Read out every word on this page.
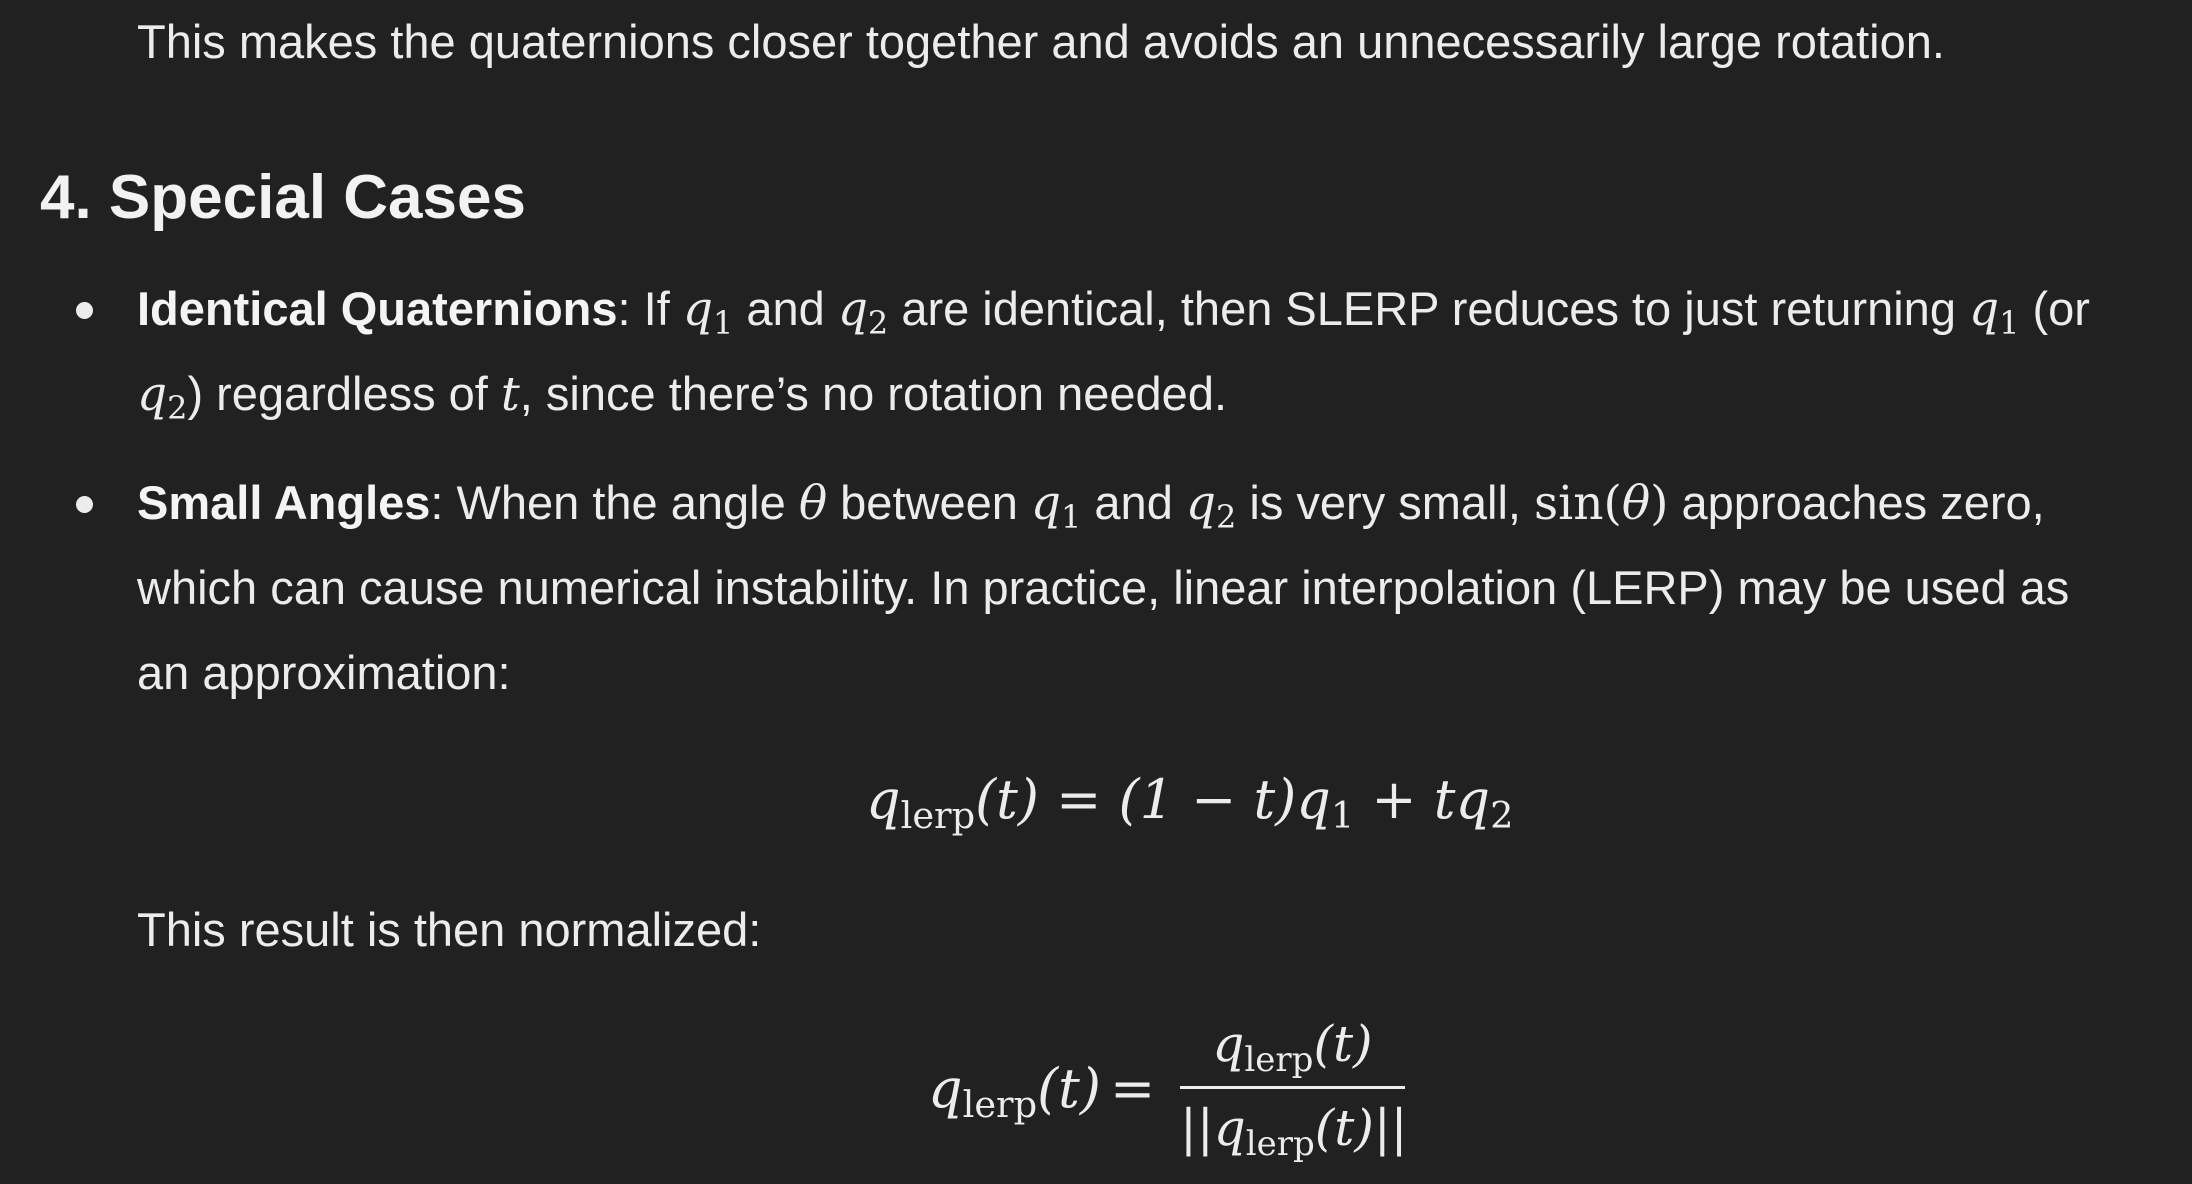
This makes the quaternions closer together and avoids an unnecessarily large rotation.
4. Special Cases
Identical Quaternions: If q1 and q2 are identical, then SLERP reduces to just returning q1 (or
q2) regardless of t, since there’s no rotation needed.
Small Angles: When the angle θ between q1 and q2 is very small, sin(θ) approaches zero,
which can cause numerical instability. In practice, linear interpolation (LERP) may be used as
an approximation:
qlerp(t) = (1 − t)q1 + tq2
This result is then normalized:
qlerp(t) =
qlerp(t)
||qlerp(t)||
